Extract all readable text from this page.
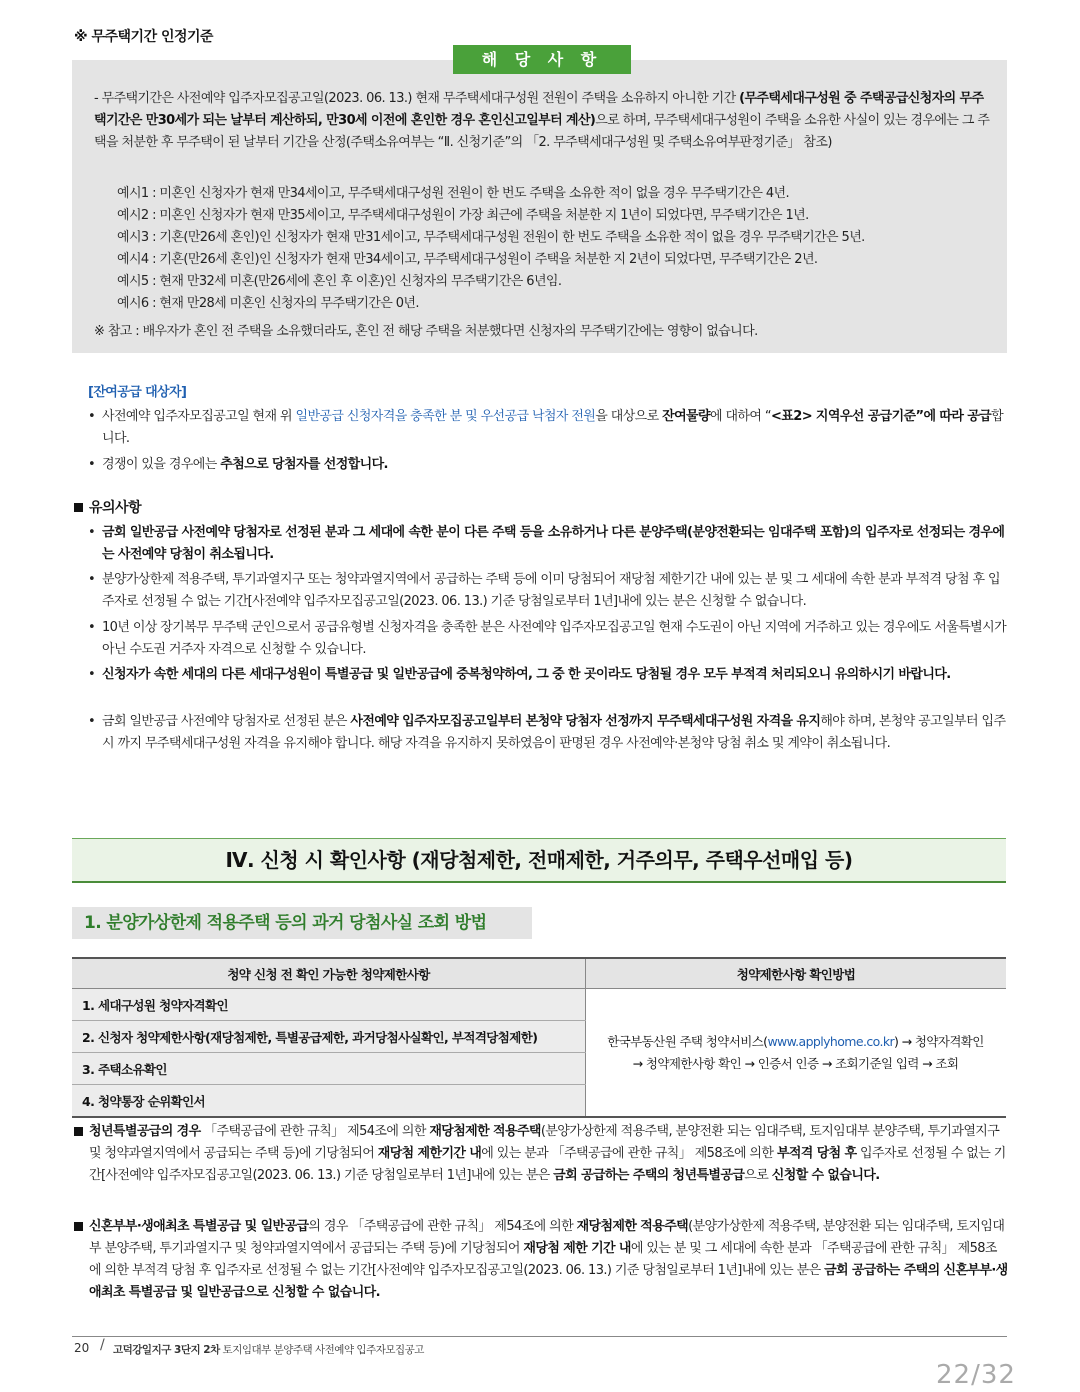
※ 무주택기간 인정기준
해 당 사 항
- 무주택기간은 사전예약 입주자모집공고일(2023. 06. 13.) 현재 무주택세대구성원 전원이 주택을 소유하지 아니한 기간 (무주택세대구성원 중 주택공급신청자의 무주택기간은 만30세가 되는 날부터 계산하되, 만30세 이전에 혼인한 경우 혼인신고일부터 계산)으로 하며, 무주택세대구성원이 주택을 소유한 사실이 있는 경우에는 그 주택을 처분한 후 무주택이 된 날부터 기간을 산정(주택소유여부는 “Ⅱ. 신청기준”의 「2. 무주택세대구성원 및 주택소유여부판정기준」 참조)
예시1 : 미혼인 신청자가 현재 만34세이고, 무주택세대구성원 전원이 한 번도 주택을 소유한 적이 없을 경우 무주택기간은 4년.
예시2 : 미혼인 신청자가 현재 만35세이고, 무주택세대구성원이 가장 최근에 주택을 처분한 지 1년이 되었다면, 무주택기간은 1년.
예시3 : 기혼(만26세 혼인)인 신청자가 현재 만31세이고, 무주택세대구성원 전원이 한 번도 주택을 소유한 적이 없을 경우 무주택기간은 5년.
예시4 : 기혼(만26세 혼인)인 신청자가 현재 만34세이고, 무주택세대구성원이 주택을 처분한 지 2년이 되었다면, 무주택기간은 2년.
예시5 : 현재 만32세 미혼(만26세에 혼인 후 이혼)인 신청자의 무주택기간은 6년임.
예시6 : 현재 만28세 미혼인 신청자의 무주택기간은 0년.
※ 참고 : 배우자가 혼인 전 주택을 소유했더라도, 혼인 전 해당 주택을 처분했다면 신청자의 무주택기간에는 영향이 없습니다.
[잔여공급 대상자]
• 사전예약 입주자모집공고일 현재 위 일반공급 신청자격을 충족한 분 및 우선공급 낙첨자 전원을 대상으로 잔여물량에 대하여 “<표2> 지역우선 공급기준”에 따라 공급합니다.
• 경쟁이 있을 경우에는 추첨으로 당첨자를 선정합니다.
유의사항
• 금회 일반공급 사전예약 당첨자로 선정된 분과 그 세대에 속한 분이 다른 주택 등을 소유하거나 다른 분양주택(분양전환되는 임대주택 포함)의 입주자로 선정되는 경우에는 사전예약 당첨이 취소됩니다.
• 분양가상한제 적용주택, 투기과열지구 또는 청약과열지역에서 공급하는 주택 등에 이미 당첨되어 재당첨 제한기간 내에 있는 분 및 그 세대에 속한 분과 부적격 당첨 후 입주자로 선정될 수 없는 기간[사전예약 입주자모집공고일(2023. 06. 13.) 기준 당첨일로부터 1년]내에 있는 분은 신청할 수 없습니다.
• 10년 이상 장기복무 무주택 군인으로서 공급유형별 신청자격을 충족한 분은 사전예약 입주자모집공고일 현재 수도권이 아닌 지역에 거주하고 있는 경우에도 서울특별시가 아닌 수도권 거주자 자격으로 신청할 수 있습니다.
• 신청자가 속한 세대의 다른 세대구성원이 특별공급 및 일반공급에 중복청약하여, 그 중 한 곳이라도 당첨될 경우 모두 부적격 처리되오니 유의하시기 바랍니다.
• 금회 일반공급 사전예약 당첨자로 선정된 분은 사전예약 입주자모집공고일부터 본청약 당첨자 선정까지 무주택세대구성원 자격을 유지해야 하며, 본청약 공고일부터 입주 시 까지 무주택세대구성원 자격을 유지해야 합니다. 해당 자격을 유지하지 못하였음이 판명된 경우 사전예약·본청약 당첨 취소 및 계약이 취소됩니다.
Ⅳ. 신청 시 확인사항 (재당첨제한, 전매제한, 거주의무, 주택우선매입 등)
1. 분양가상한제 적용주택 등의 과거 당첨사실 조회 방법
청약 신청 전 확인 가능한 청약제한사항	청약제한사항 확인방법
1. 세대구성원 청약자격확인	한국부동산원 주택 청약서비스(www.applyhome.co.kr) → 청약자격확인
→ 청약제한사항 확인 → 인증서 인증 → 조회기준일 입력 → 조회
2. 신청자 청약제한사항(재당첨제한, 특별공급제한, 과거당첨사실확인, 부적격당첨제한)	
3. 주택소유확인	
4. 청약통장 순위확인서	
청년특별공급의 경우 「주택공급에 관한 규칙」 제54조에 의한 재당첨제한 적용주택(분양가상한제 적용주택, 분양전환 되는 임대주택, 토지임대부 분양주택, 투기과열지구 및 청약과열지역에서 공급되는 주택 등)에 기당첨되어 재당첨 제한기간 내에 있는 분과 「주택공급에 관한 규칙」 제58조에 의한 부적격 당첨 후 입주자로 선정될 수 없는 기간[사전예약 입주자모집공고일(2023. 06. 13.) 기준 당첨일로부터 1년]내에 있는 분은 금회 공급하는 주택의 청년특별공급으로 신청할 수 없습니다.
신혼부부·생애최초 특별공급 및 일반공급의 경우 「주택공급에 관한 규칙」 제54조에 의한 재당첨제한 적용주택(분양가상한제 적용주택, 분양전환 되는 임대주택, 토지임대부 분양주택, 투기과열지구 및 청약과열지역에서 공급되는 주택 등)에 기당첨되어 재당첨 제한 기간 내에 있는 분 및 그 세대에 속한 분과 「주택공급에 관한 규칙」 제58조에 의한 부적격 당첨 후 입주자로 선정될 수 없는 기간[사전예약 입주자모집공고일(2023. 06. 13.) 기준 당첨일로부터 1년]내에 있는 분은 금회 공급하는 주택의 신혼부부·생애최초 특별공급 및 일반공급으로 신청할 수 없습니다.
20 / 고덕강일지구 3단지 2차 토지임대부 분양주택 사전예약 입주자모집공고
22/32
